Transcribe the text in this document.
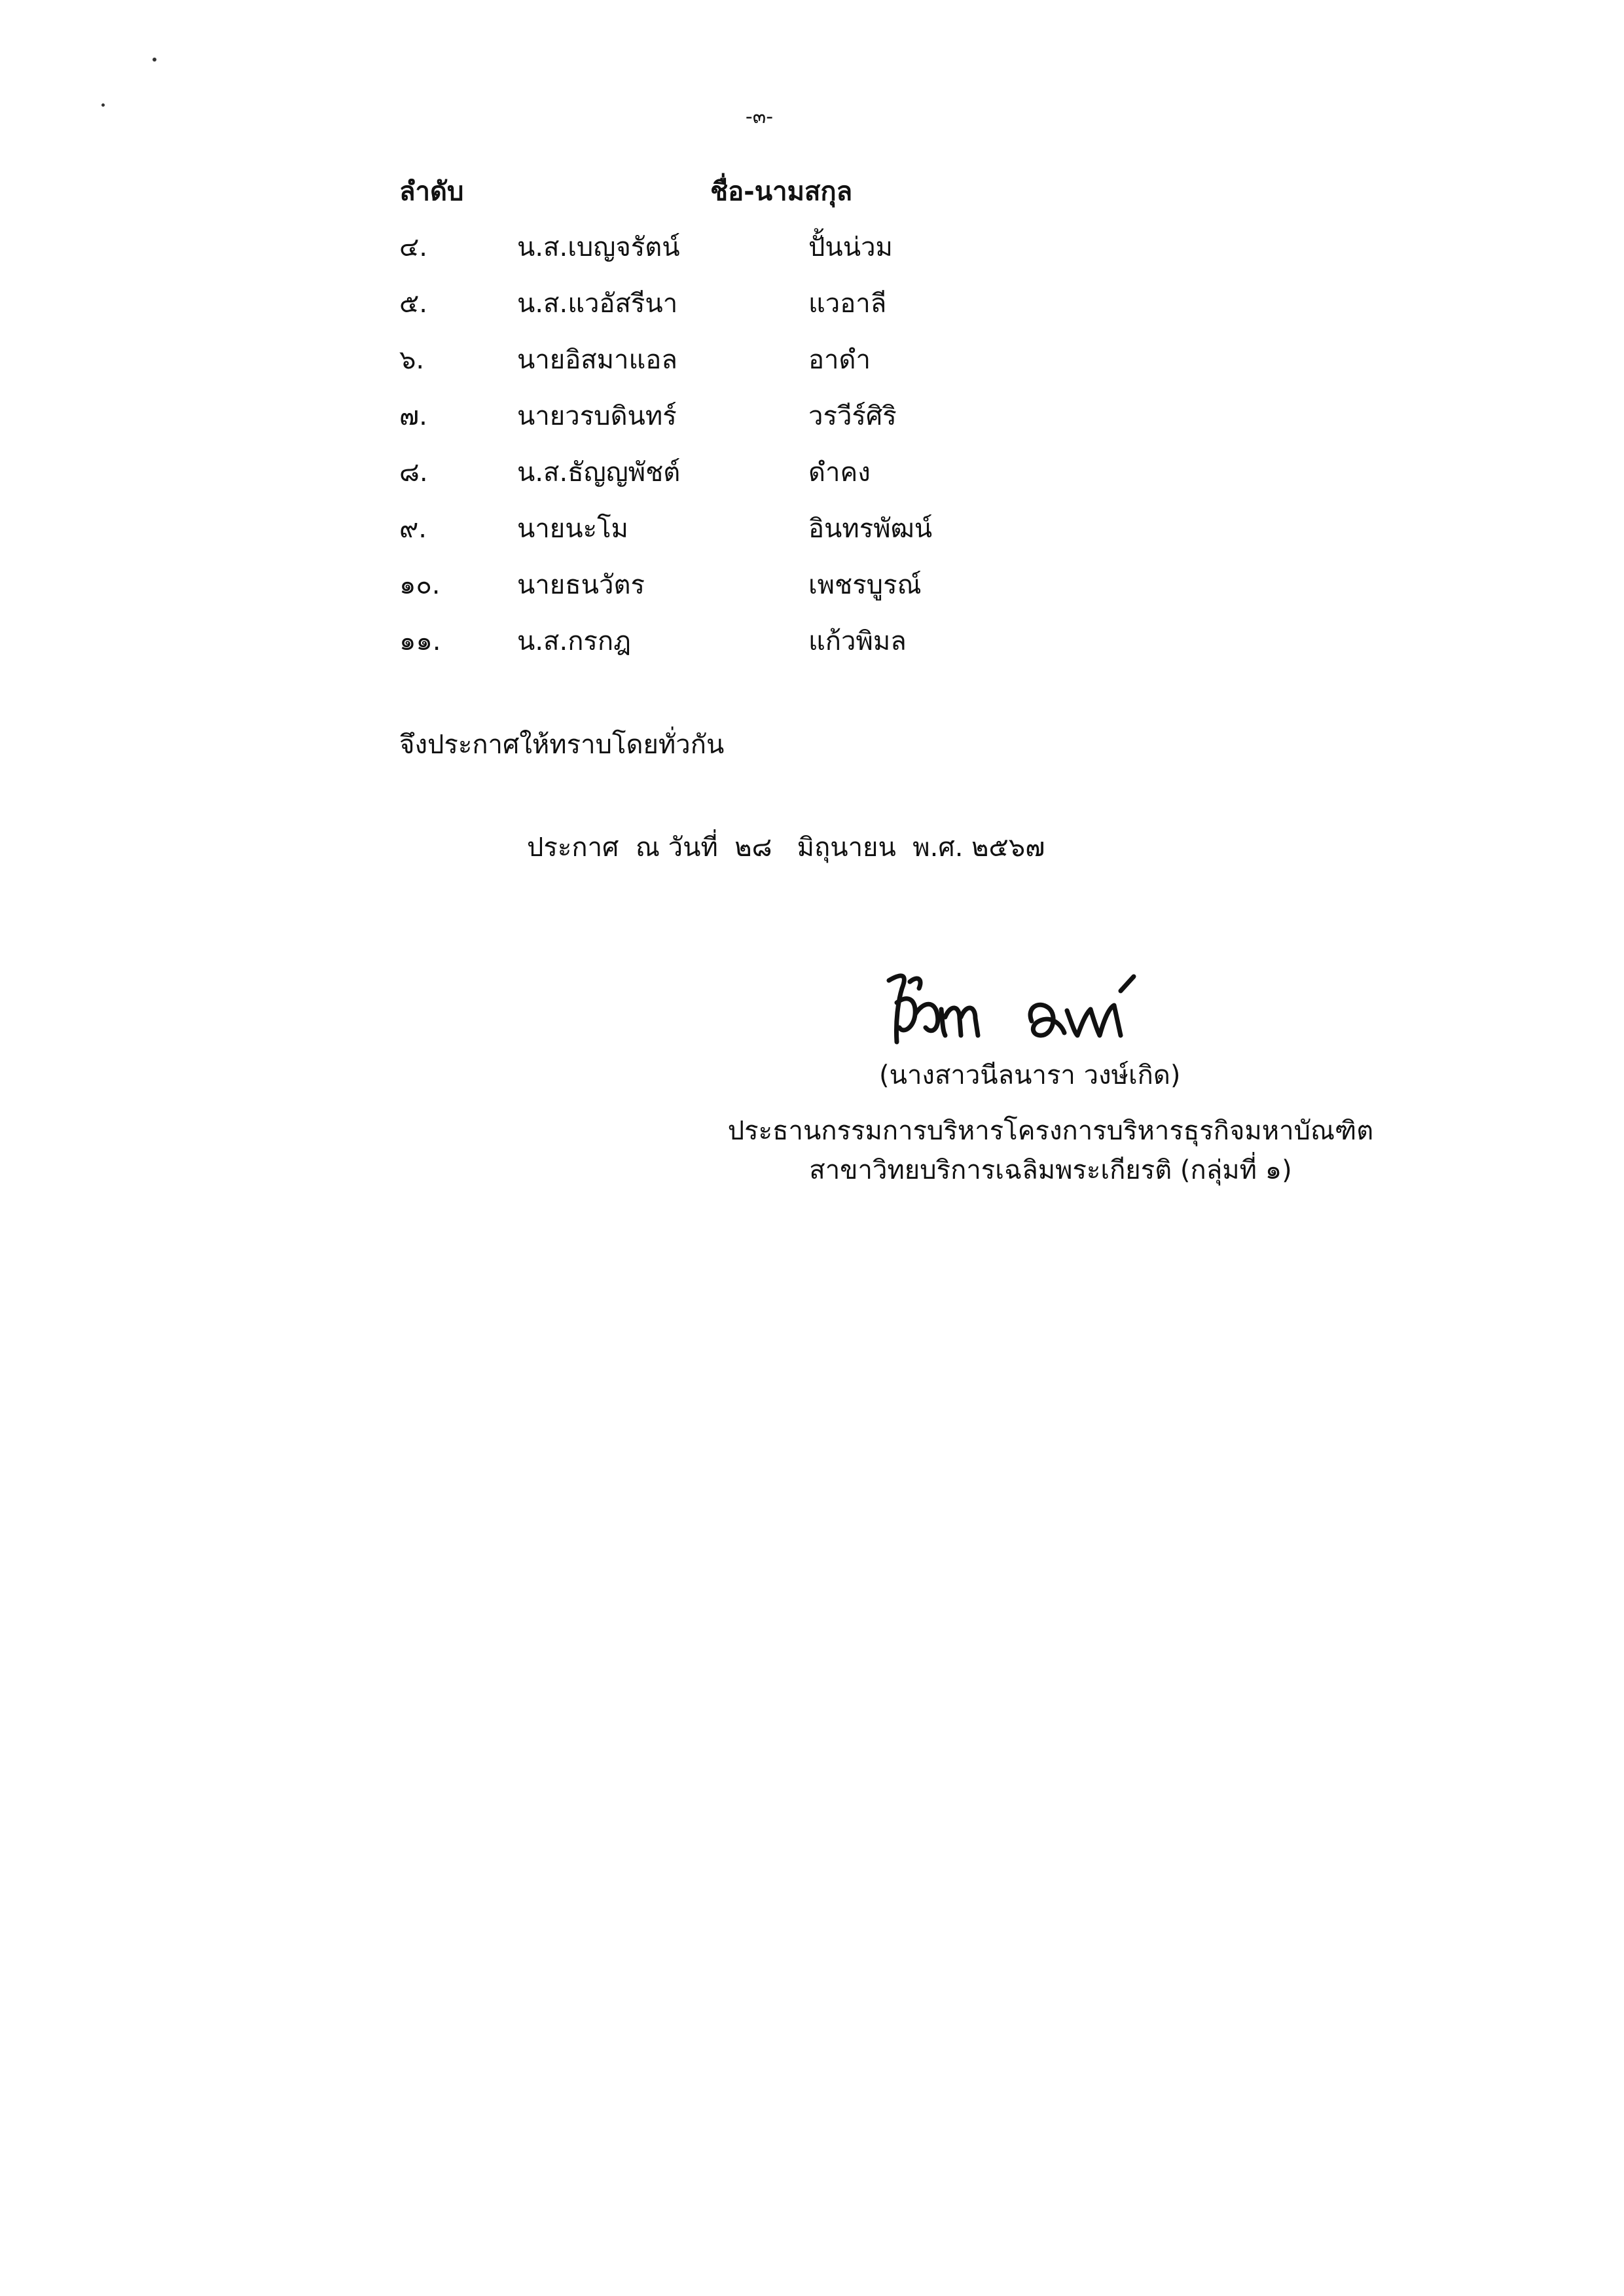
-๓-
ลำดับ	ชื่อ-นามสกุล
๔.	น.ส.เบญจรัตน์	ปั้นน่วม
๕.	น.ส.แวอัสรีนา	แวอาลี
๖.	นายอิสมาแอล	อาดำ
๗.	นายวรบดินทร์	วรวีร์ศิริ
๘.	น.ส.ธัญญพัชต์	ดำคง
๙.	นายนะโม	อินทรพัฒน์
๑๐.	นายธนวัตร	เพชรบูรณ์
๑๑.	น.ส.กรกฎ	แก้วพิมล
จึงประกาศให้ทราบโดยทั่วกัน
ประกาศ  ณ วันที่  ๒๘   มิถุนายน  พ.ศ. ๒๕๖๗
(นางสาวนีลนารา วงษ์เกิด)
ประธานกรรมการบริหารโครงการบริหารธุรกิจมหาบัณฑิต
สาขาวิทยบริการเฉลิมพระเกียรติ (กลุ่มที่ ๑)
